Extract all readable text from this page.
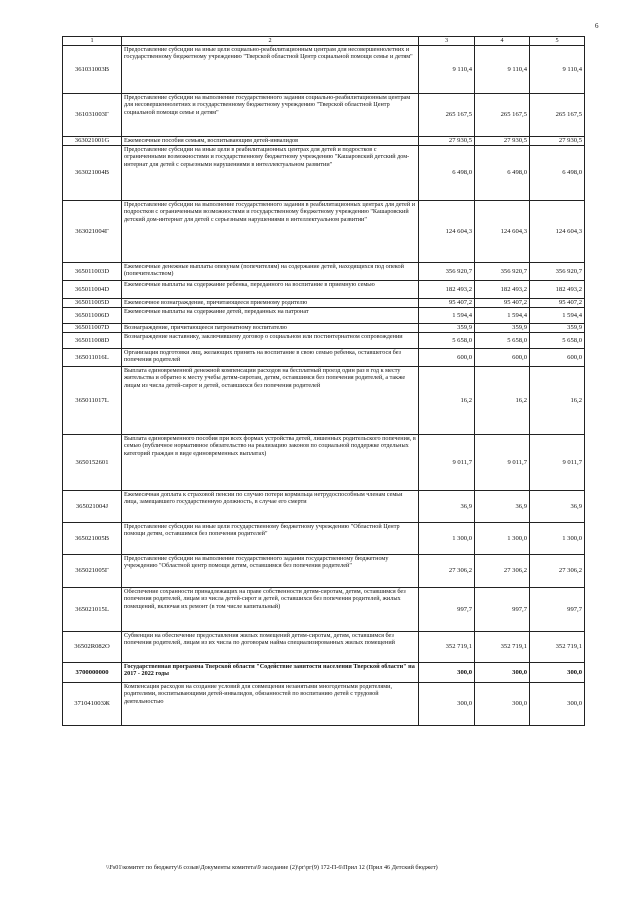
6
1	2	3	4	5
361031003В	Предоставление субсидии на иные цели социально-реабилитационным центрам для несовершеннолетних и государственному бюджетному учреждению "Тверской областной Центр социальной помощи семье и детям"	9 110,4	9 110,4	9 110,4
361031003Г	Предоставление субсидии на выполнение государственного задания социально-реабилитационным центрам для несовершеннолетних и государственному бюджетному учреждению "Тверской областной Центр социальной помощи семье и детям"	265 167,5	265 167,5	265 167,5
363021001G	Ежемесячные пособия семьям, воспитывающим детей-инвалидов	27 930,5	27 930,5	27 930,5
363021004В	Предоставление субсидии на иные цели в реабилитационных центрах для детей и подростков с ограниченными возможностями и государственному бюджетному учреждению "Кашаровский детский дом-интернат для детей с серьезными нарушениями в интеллектуальном развитии"	6 498,0	6 498,0	6 498,0
363021004Г	Предоставление субсидии на выполнение государственного задания в реабилитационных центрах для детей и подростков с ограниченными возможностями и государственному бюджетному учреждению "Кашаровский детский дом-интернат для детей с серьезными нарушениями в интеллектуальном развитии"	124 604,3	124 604,3	124 604,3
365011003D	Ежемесячные денежные выплаты опекунам (попечителям) на содержание детей, находящихся под опекой (попечительством)	356 920,7	356 920,7	356 920,7
365011004D	Ежемесячные выплаты на содержание ребенка, переданного на воспитание в приемную семью	182 493,2	182 493,2	182 493,2
365011005D	Ежемесячное вознаграждение, причитающееся приемному родителю	95 407,2	95 407,2	95 407,2
365011006D	Ежемесячные выплаты на содержание детей, переданных на патронат	1 594,4	1 594,4	1 594,4
365011007D	Вознаграждение, причитающееся патронатному воспитателю	359,9	359,9	359,9
365011008D	Вознаграждение наставнику, заключившему договор о социальном или постинтернатном сопровождении	5 658,0	5 658,0	5 658,0
365011016L	Организация подготовки лиц, желающих принять на воспитание в свою семью ребенка, оставшегося без попечения родителей	600,0	600,0	600,0
365011017L	Выплата единовременной денежной компенсации расходов на бесплатный проезд один раз в год к месту жительства и обратно к месту учебы детям-сиротам, детям, оставшимся без попечения родителей, а также лицам из числа детей-сирот и детей, оставшихся без попечения родителей	16,2	16,2	16,2
3650152601	Выплата единовременного пособия при всех формах устройства детей, лишенных родительского попечения, в семью (публичное нормативное обязательство на реализацию законов по социальной поддержке отдельных категорий граждан в виде единовременных выплатах)	9 011,7	9 011,7	9 011,7
365021004J	Ежемесячная доплата к страховой пенсии по случаю потери кормильца нетрудоспособным членам семьи лица, замещавшего государственную должность, в случае его смерти	36,9	36,9	36,9
365021005В	Предоставление субсидии на иные цели государственному бюджетному учреждению "Областной Центр помощи детям, оставшимся без попечения родителей"	1 300,0	1 300,0	1 300,0
365021005Г	Предоставление субсидии на выполнение государственного задания государственному бюджетному учреждению "Областной центр помощи детям, оставшимся без попечения родителей"	27 306,2	27 306,2	27 306,2
365021015L	Обеспечение сохранности принадлежащих на праве собственности детям-сиротам, детям, оставшимся без попечения родителей, лицам из числа детей-сирот и детей, оставшихся без попечения родителей, жилых помещений, включая их ремонт (в том числе капитальный)	997,7	997,7	997,7
36502R082O	Субвенции на обеспечение предоставления жилых помещений детям-сиротам, детям, оставшимся без попечения родителей, лицам из их числа по договорам найма специализированных жилых помещений	352 719,1	352 719,1	352 719,1
3700000000	Государственная программа Тверской области "Содействие занятости населения Тверской области" на 2017 - 2022 годы	300,0	300,0	300,0
371041003Ж	Компенсация расходов на создание условий для совмещения незанятыми многодетными родителями, родителями, воспитывающими детей-инвалидов, обязанностей по воспитанию детей с трудовой деятельностью	300,0	300,0	300,0
\\Fs01\комитет по бюджету\6 созыв\Документы комитета\9 заседание (2)\рг\рг(9) 172-П-6\Прил 12 (Прил 46 Детский бюджет)
